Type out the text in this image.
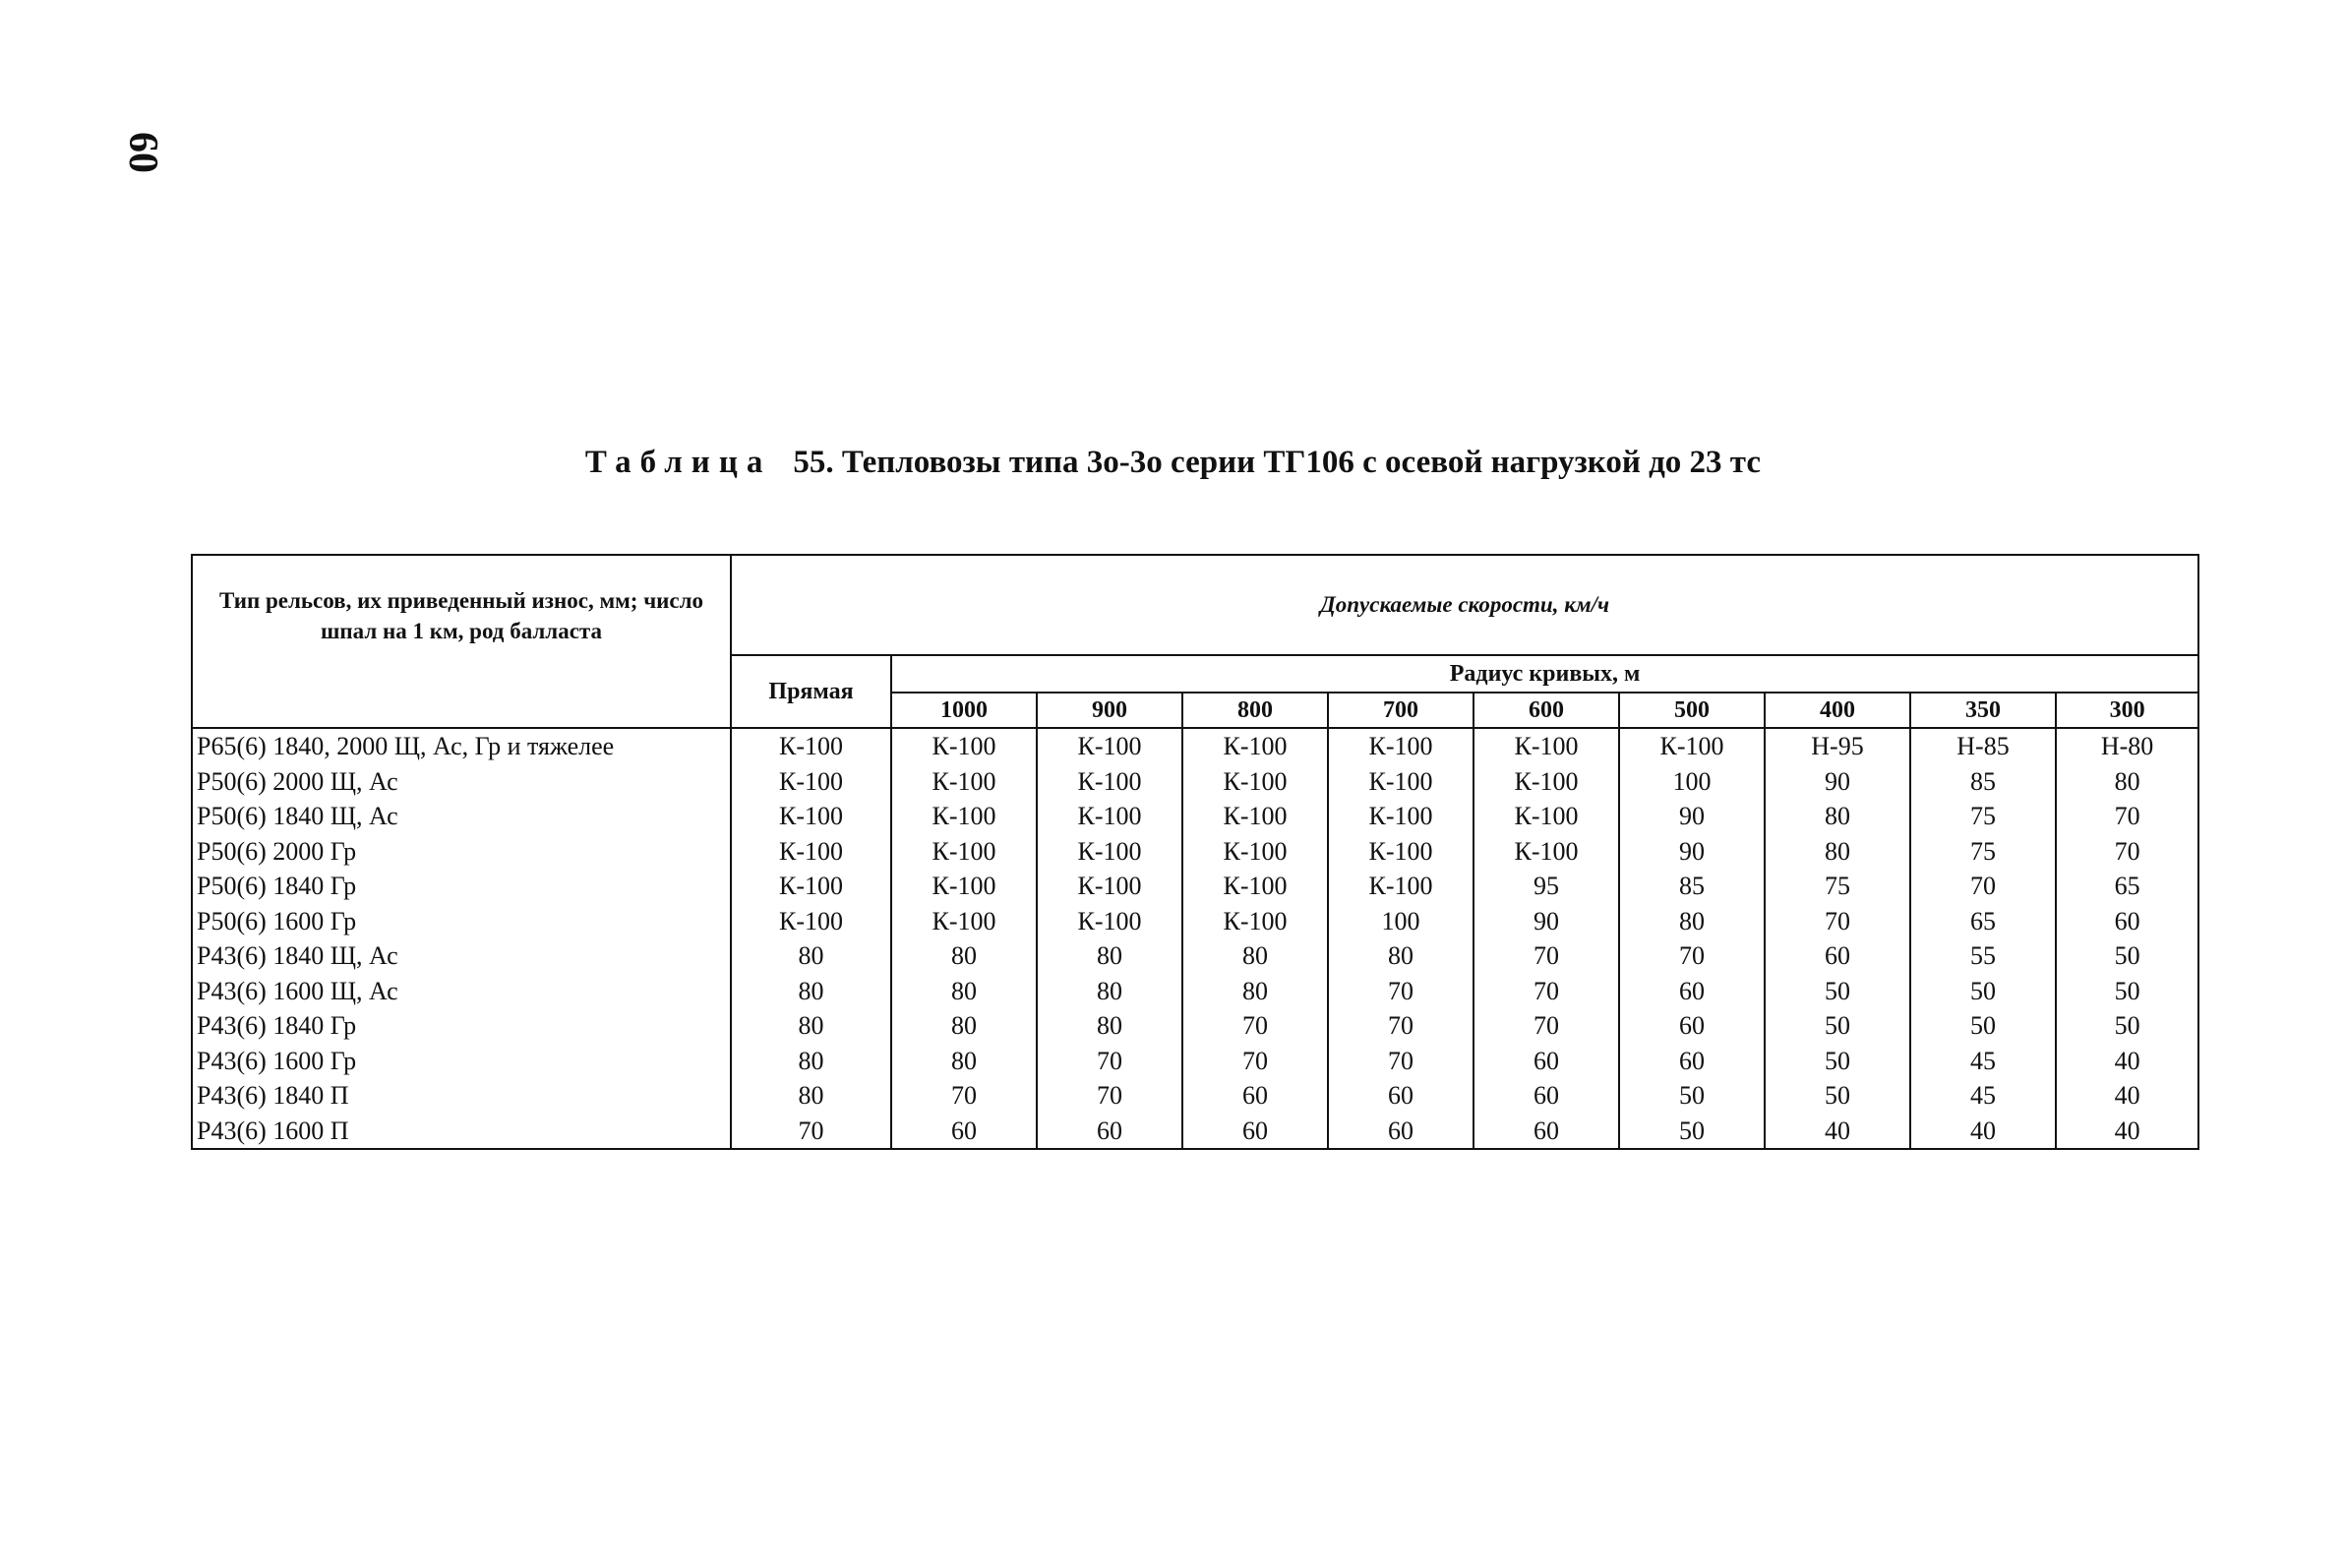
60
Таблица 55. Тепловозы типа 3о-3о серии ТГ106 с осевой нагрузкой до 23 тс
Тип рельсов, их приведенный износ, мм; число шпал на 1 км, род балласта	Допускаемые скорости, км/ч									
	Прямая	Радиус кривых, м								
		1000	900	800	700	600	500	400	350	300
Р65(6) 1840, 2000 Щ, Ас, Гр и тяжелее	К-100	К-100	К-100	К-100	К-100	К-100	К-100	Н-95	Н-85	Н-80
Р50(6) 2000 Щ, Ас	К-100	К-100	К-100	К-100	К-100	К-100	100	90	85	80
Р50(6) 1840 Щ, Ас	К-100	К-100	К-100	К-100	К-100	К-100	90	80	75	70
Р50(6) 2000 Гр	К-100	К-100	К-100	К-100	К-100	К-100	90	80	75	70
Р50(6) 1840 Гр	К-100	К-100	К-100	К-100	К-100	95	85	75	70	65
Р50(6) 1600 Гр	К-100	К-100	К-100	К-100	100	90	80	70	65	60
Р43(6) 1840 Щ, Ас	80	80	80	80	80	70	70	60	55	50
Р43(6) 1600 Щ, Ас	80	80	80	80	70	70	60	50	50	50
Р43(6) 1840 Гр	80	80	80	70	70	70	60	50	50	50
Р43(6) 1600 Гр	80	80	70	70	70	60	60	50	45	40
Р43(6) 1840 П	80	70	70	60	60	60	50	50	45	40
Р43(6) 1600 П	70	60	60	60	60	60	50	40	40	40
